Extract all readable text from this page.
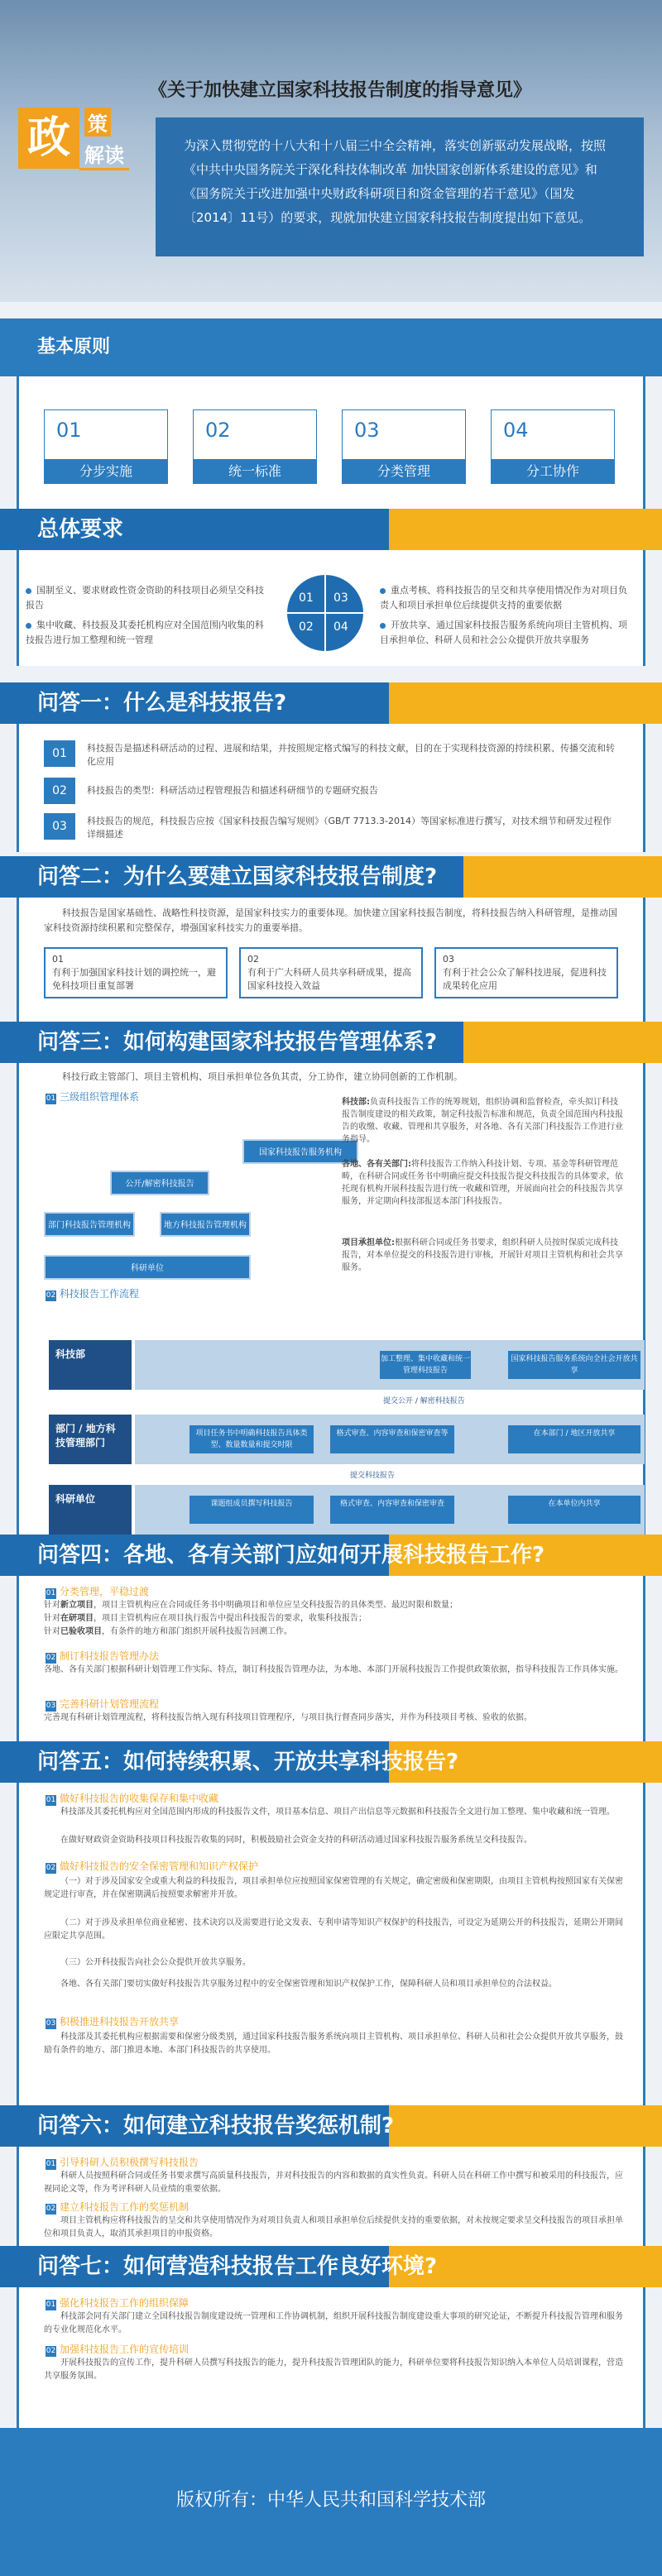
政 策
解读
《关于加快建立国家科技报告制度的指导意见》
为深入贯彻党的十八大和十八届三中全会精神，落实创新驱动发展战略，按照《中共中央国务院关于深化科技体制改革 加快国家创新体系建设的意见》和《国务院关于改进加强中央财政科研项目和资金管理的若干意见》（国发〔2014〕11号）的要求，现就加快建立国家科技报告制度提出如下意见。
基本原则
01
分步实施
02
统一标准
03
分类管理
04
分工协作
总体要求
国制至义、要求财政性资金资助的科技项目必须呈交科技报告
集中收藏、科技报及其委托机构应对全国范围内收集的科技报告进行加工整理和统一管理
01 03
02 04
重点考核、将科技报告的呈交和共享使用情况作为对项目负责人和项目承担单位后续提供支持的重要依据
开放共享、通过国家科技报告服务系统向项目主管机构、项目承担单位、科研人员和社会公众提供开放共享服务
问答一：什么是科技报告?
01	科技报告是描述科研活动的过程、进展和结果，并按照规定格式编写的科技文献，目的在于实现科技资源的持续积累、传播交流和转化应用
02	科技报告的类型：科研活动过程管理报告和描述科研细节的专题研究报告
03	科技报告的规范，科技报告应按《国家科技报告编写规则》（GB/T 7713.3-2014）等国家标准进行撰写，对技术细节和研发过程作详细描述
问答二：为什么要建立国家科技报告制度?
科技报告是国家基础性、战略性科技资源，是国家科技实力的重要体现。加快建立国家科技报告制度，将科技报告纳入科研管理，是推动国家科技资源持续积累和完整保存，增强国家科技实力的重要举措。
01
有利于加强国家科技计划的调控统一，避免科技项目重复部署
02
有利于广大科研人员共享科研成果，提高国家科技投入效益
03
有利于社会公众了解科技进展，促进科技成果转化应用
问答三：如何构建国家科技报告管理体系?
科技行政主管部门、项目主管机构、项目承担单位各负其责，分工协作，建立协同创新的工作机制。
01 三级组织管理体系
国家科技报告服务机构
公开/解密科技报告
部门科技报告管理机构	地方科技报告管理机构
科研单位
科技部:负责科技报告工作的统筹规划，组织协调和监督检查，牵头拟订科技报告制度建设的相关政策，制定科技报告标准和规范，负责全国范围内科技报告的收缴、收藏、管理和共享服务，对各地、各有关部门科技报告工作进行业务指导。
各地、各有关部门:将科技报告工作纳入科技计划、专项、基金等科研管理范畴，在科研合同或任务书中明确应提交科技报告提交科技报告的具体要求，依托现有机构开展科技报告进行统一收藏和管理，开展面向社会的科技报告共享服务，并定期向科技部报送本部门科技报告。
项目承担单位:根据科研合同或任务书要求，组织科研人员按时保质完成科技报告，对本单位提交的科技报告进行审核，开展针对项目主管机构和社会共享服务。
02 科技报告工作流程
科技部	加工整理、集中收藏和统一管理科技报告
国家科技报告服务系统向全社会开放共享
提交公开 / 解密科技报告
部门 / 地方科技管理部门
项目任务书中明确科技报告具体类型、数量数量和提交时限
格式审查、内容审查和保密审查等	在本部门 / 地区开放共享
提交科技报告
科研单位	课题组成员撰写科技报告	格式审查、内容审查和保密审查	在本单位内共享
问答四：各地、各有关部门应如何开展科技报告工作?
01 分类管理，平稳过渡
针对新立项目，项目主管机构应在合同或任务书中明确项目和单位应呈交科技报告的具体类型、最迟时限和数量；
针对在研项目，项目主管机构应在项目执行报告中提出科技报告的要求，收集科技报告；
针对已验收项目，有条件的地方和部门组织开展科技报告回溯工作。
02 制订科技报告管理办法
各地、各有关部门根据科研计划管理工作实际、特点，制订科技报告管理办法，为本地、本部门开展科技报告工作提供政策依据，指导科技报告工作具体实施。
03 完善科研计划管理流程
完善现有科研计划管理流程，将科技报告纳入现有科技项目管理程序，与项目执行督查同步落实，并作为科技项目考核、验收的依据。
问答五：如何持续积累、开放共享科技报告?
01 做好科技报告的收集保存和集中收藏
科技部及其委托机构应对全国范围内形成的科技报告文件，项目基本信息、项目产出信息等元数据和科技报告全文进行加工整理、集中收藏和统一管理。
在做好财政资金资助科技项目科技报告收集的同时，积极鼓励社会资金支持的科研活动通过国家科技报告服务系统呈交科技报告。
02 做好科技报告的安全保密管理和知识产权保护
（一）对于涉及国家安全或重大利益的科技报告，项目承担单位应按照国家保密管理的有关规定，确定密级和保密期限，由项目主管机构按照国家有关保密规定进行审查，并在保密期满后按照要求解密并开放。
（二）对于涉及承担单位商业秘密、技术诀窍以及需要进行论文发表、专利申请等知识产权保护的科技报告，可设定为延期公开的科技报告，延期公开期间应限定共享范围。
（三）公开科技报告向社会公众提供开放共享服务。
各地、各有关部门要切实做好科技报告共享服务过程中的安全保密管理和知识产权保护工作，保障科研人员和项目承担单位的合法权益。
03 积极推进科技报告开放共享
科技部及其委托机构应根据需要和保密分级类别，通过国家科技报告服务系统向项目主管机构、项目承担单位、科研人员和社会公众提供开放共享服务，鼓励有条件的地方、部门推进本地、本部门科技报告的共享使用。
问答六：如何建立科技报告奖惩机制?
01 引导科研人员积极撰写科技报告
科研人员按照科研合同或任务书要求撰写高质量科技报告，并对科技报告的内容和数据的真实性负责。科研人员在科研工作中撰写和被采用的科技报告，应视同论文等，作为考评科研人员业绩的重要依据。
02 建立科技报告工作的奖惩机制
项目主管机构应将科技报告的呈交和共享使用情况作为对项目负责人和项目承担单位后续提供支持的重要依据，对未按规定要求呈交科技报告的项目承担单位和项目负责人，取消其承担项目的申报资格。
问答七：如何营造科技报告工作良好环境?
01 强化科技报告工作的组织保障
科技部会同有关部门建立全国科技报告制度建设统一管理和工作协调机制，组织开展科技报告制度建设重大事项的研究论证，不断提升科技报告管理和服务的专业化规范化水平。
02 加强科技报告工作的宣传培训
开展科技报告的宣传工作，提升科研人员撰写科技报告的能力，提升科技报告管理团队的能力，科研单位要将科技报告知识纳入本单位人员培训课程，营造共享服务氛围。
版权所有：中华人民共和国科学技术部
